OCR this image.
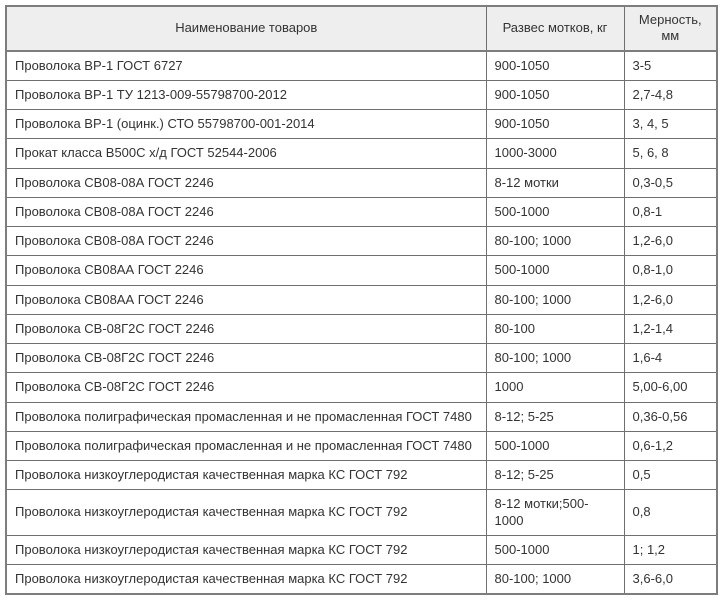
Наименование товаров	Развес мотков, кг	Мерность, мм
Проволока ВР-1 ГОСТ 6727	900-1050	3-5
Проволока ВР-1 ТУ 1213-009-55798700-2012	900-1050	2,7-4,8
Проволока ВР-1 (оцинк.) СТО 55798700-001-2014	900-1050	3, 4, 5
Прокат класса В500С х/д ГОСТ 52544-2006	1000-3000	5, 6, 8
Проволока СВ08-08А ГОСТ 2246	8-12 мотки	0,3-0,5
Проволока СВ08-08А ГОСТ 2246	500-1000	0,8-1
Проволока СВ08-08А ГОСТ 2246	80-100; 1000	1,2-6,0
Проволока СВ08АА ГОСТ 2246	500-1000	0,8-1,0
Проволока СВ08АА ГОСТ 2246	80-100; 1000	1,2-6,0
Проволока СВ-08Г2С ГОСТ 2246	80-100	1,2-1,4
Проволока СВ-08Г2С ГОСТ 2246	80-100; 1000	1,6-4
Проволока СВ-08Г2С ГОСТ 2246	1000	5,00-6,00
Проволока полиграфическая промасленная и не промасленная ГОСТ 7480	8-12; 5-25	0,36-0,56
Проволока полиграфическая промасленная и не промасленная ГОСТ 7480	500-1000	0,6-1,2
Проволока низкоуглеродистая качественная марка КС ГОСТ 792	8-12; 5-25	0,5
Проволока низкоуглеродистая качественная марка КС ГОСТ 792	8-12 мотки;500-1000	0,8
Проволока низкоуглеродистая качественная марка КС ГОСТ 792	500-1000	1; 1,2
Проволока низкоуглеродистая качественная марка КС ГОСТ 792	80-100; 1000	3,6-6,0
